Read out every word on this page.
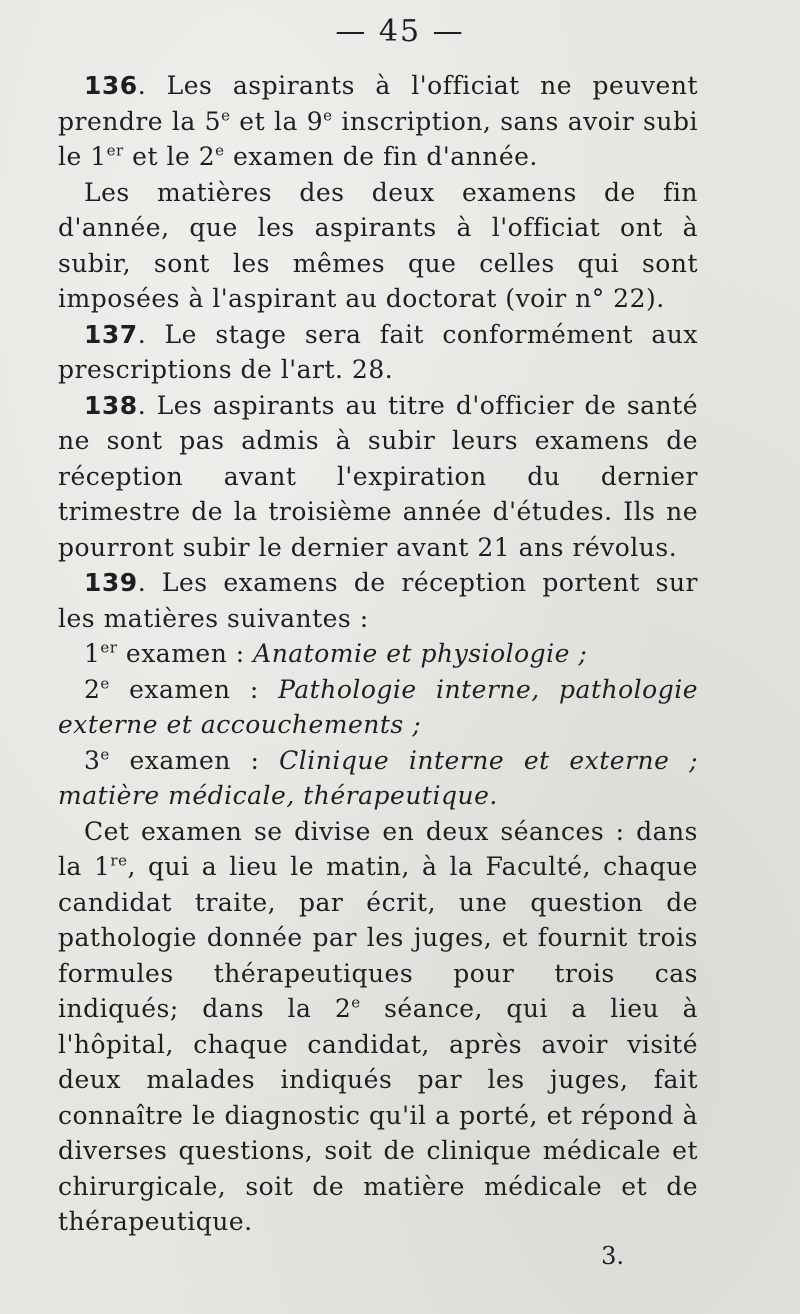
— 45 —

136. Les aspirants à l'officiat ne peuvent prendre la 5e et la 9e inscription, sans avoir subi le 1er et le 2e examen de fin d'année.

Les matières des deux examens de fin d'année, que les aspirants à l'officiat ont à subir, sont les mêmes que celles qui sont imposées à l'aspirant au doctorat (voir n° 22).

137. Le stage sera fait conformément aux prescriptions de l'art. 28.

138. Les aspirants au titre d'officier de santé ne sont pas admis à subir leurs examens de réception avant l'expiration du dernier trimestre de la troisième année d'études. Ils ne pourront subir le dernier avant 21 ans révolus.

139. Les examens de réception portent sur les matières suivantes :

1er examen : Anatomie et physiologie ;

2e examen : Pathologie interne, pathologie externe et accouchements ;

3e examen : Clinique interne et externe ; matière médicale, thérapeutique.

Cet examen se divise en deux séances : dans la 1re, qui a lieu le matin, à la Faculté, chaque candidat traite, par écrit, une question de pathologie donnée par les juges, et fournit trois formules thérapeutiques pour trois cas indiqués; dans la 2e séance, qui a lieu à l'hôpital, chaque candidat, après avoir visité deux malades indiqués par les juges, fait connaître le diagnostic qu'il a porté, et répond à diverses questions, soit de clinique médicale et chirurgicale, soit de matière médicale et de thérapeutique.

3.
